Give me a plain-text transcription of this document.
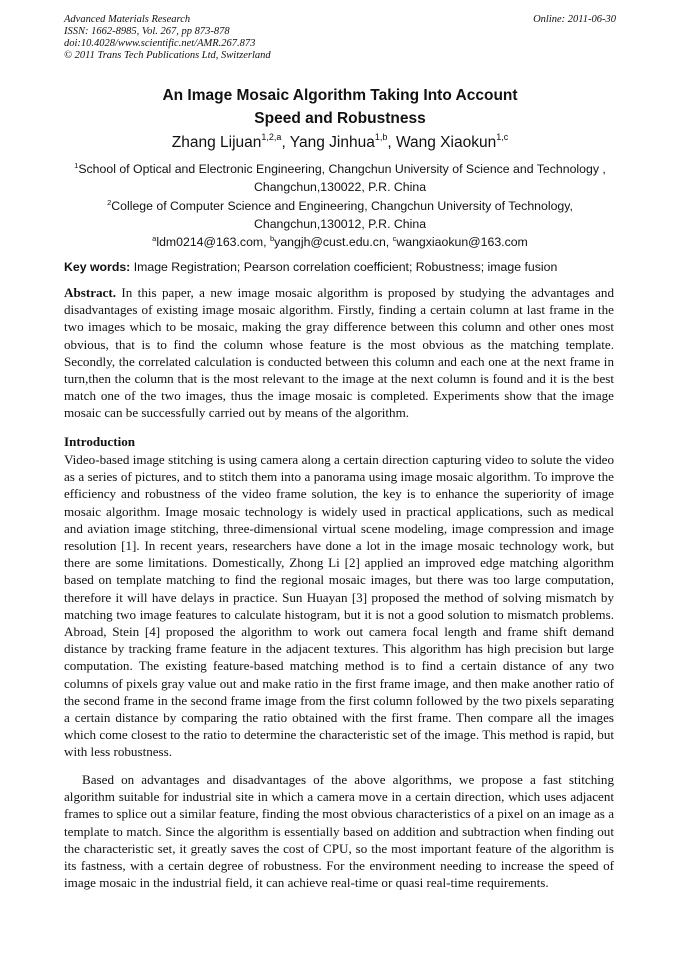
Advanced Materials Research
ISSN: 1662-8985, Vol. 267, pp 873-878
doi:10.4028/www.scientific.net/AMR.267.873
© 2011 Trans Tech Publications Ltd, Switzerland
Online: 2011-06-30
An Image Mosaic Algorithm Taking Into Account
Speed and Robustness
Zhang Lijuan$^{1,2,a}$, Yang Jinhua$^{1,b}$, Wang Xiaokun$^{1,c}$
$^1$School of Optical and Electronic Engineering, Changchun University of Science and Technology ,
Changchun,130022, P.R. China
$^2$College of Computer Science and Engineering, Changchun University of Technology,
Changchun,130012, P.R. China
$^a$ldm0214@163.com, $^b$yangjh@cust.edu.cn, $^c$wangxiaokun@163.com
Key words: Image Registration; Pearson correlation coefficient; Robustness; image fusion
Abstract. In this paper, a new image mosaic algorithm is proposed by studying the advantages and disadvantages of existing image mosaic algorithm. Firstly, finding a certain column at last frame in the two images which to be mosaic, making the gray difference between this column and other ones most obvious, that is to find the column whose feature is the most obvious as the matching template. Secondly, the correlated calculation is conducted between this column and each one at the next frame in turn,then the column that is the most relevant to the image at the next column is found and it is the best match one of the two images, thus the image mosaic is completed. Experiments show that the image mosaic can be successfully carried out by means of the algorithm.
Introduction
Video-based image stitching is using camera along a certain direction capturing video to solute the video as a series of pictures, and to stitch them into a panorama using image mosaic algorithm. To improve the efficiency and robustness of the video frame solution, the key is to enhance the superiority of image mosaic algorithm. Image mosaic technology is widely used in practical applications, such as medical and aviation image stitching, three-dimensional virtual scene modeling, image compression and image resolution [1]. In recent years, researchers have done a lot in the image mosaic technology work, but there are some limitations. Domestically, Zhong Li [2] applied an improved edge matching algorithm based on template matching to find the regional mosaic images, but there was too large computation, therefore it will have delays in practice. Sun Huayan [3] proposed the method of solving mismatch by matching two image features to calculate histogram, but it is not a good solution to mismatch problems. Abroad, Stein [4] proposed the algorithm to work out camera focal length and frame shift demand distance by tracking frame feature in the adjacent textures. This algorithm has high precision but large computation. The existing feature-based matching method is to find a certain distance of any two columns of pixels gray value out and make ratio in the first frame image, and then make another ratio of the second frame in the second frame image from the first column followed by the two pixels separating a certain distance by comparing the ratio obtained with the first frame. Then compare all the images which come closest to the ratio to determine the characteristic set of the image. This method is rapid, but with less robustness.
Based on advantages and disadvantages of the above algorithms, we propose a fast stitching algorithm suitable for industrial site in which a camera move in a certain direction, which uses adjacent frames to splice out a similar feature, finding the most obvious characteristics of a pixel on an image as a template to match. Since the algorithm is essentially based on addition and subtraction when finding out the characteristic set, it greatly saves the cost of CPU, so the most important feature of the algorithm is its fastness, with a certain degree of robustness. For the environment needing to increase the speed of image mosaic in the industrial field, it can achieve real-time or quasi real-time requirements.
